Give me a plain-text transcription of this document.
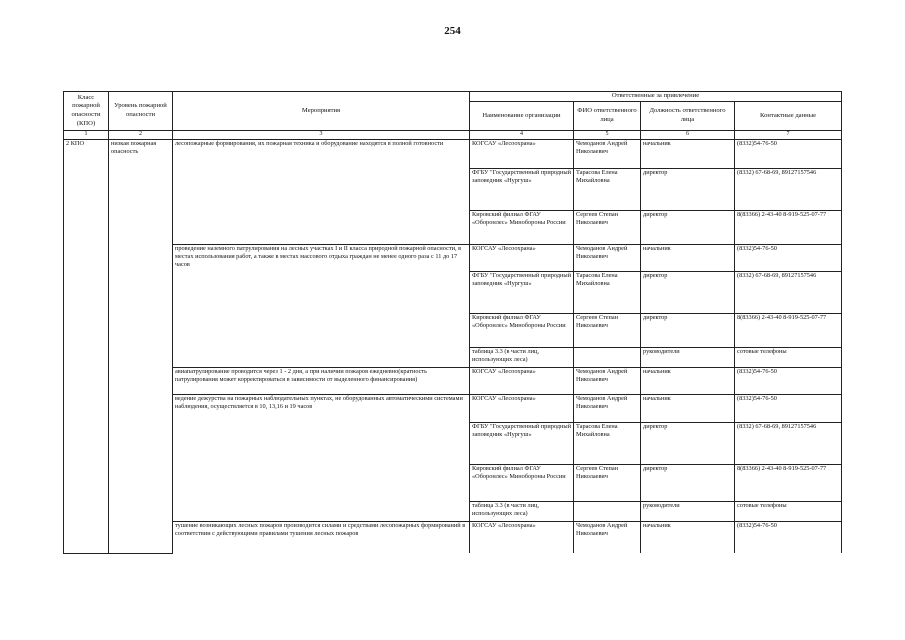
254
Класс пожарной опасности (КПО)	Уровень пожарной опасности	Мероприятия	Ответственные за привлечение			
			Наименование организации	ФИО ответственного лица	Должность ответственного лица	Контактные данные
1	2	3	4	5	6	7
2 КПО	низкая пожарная опасность	лесопожарные формирования, их пожарная техника и оборудование находятся в полной готовности	КОГСАУ «Лесоохрана»	Чемоданов Андрей Николаевич	начальник	(8332)54-76-50
			ФГБУ "Государственный природный заповедник «Нургуш»	Тарасова Елена Михайловна	директор	(8332) 67-68-69, 89127157546
			Кировский филиал ФГАУ «Оборонлес» Минобороны России	Сергеев Степан Николаевич	директор	8(83366) 2-43-40 8-919-525-07-77
		проведение наземного патрулирования на лесных участках I и II класса природной пожарной опасности, в местах использования работ, а также в местах массового отдыха граждан не менее одного раза с 11 до 17 часов	КОГСАУ «Лесоохрана»	Чемоданов Андрей Николаевич	начальник	(8332)54-76-50
			ФГБУ "Государственный природный заповедник «Нургуш»	Тарасова Елена Михайловна	директор	(8332) 67-68-69, 89127157546
			Кировский филиал ФГАУ «Оборонлес» Минобороны России	Сергеев Степан Николаевич	директор	8(83366) 2-43-40 8-919-525-07-77
			таблица 3.3 (в части лиц, использующих леса)		руководители	сотовые телефоны
		авиапатрулирование проводится через 1 - 2 дня, а при наличии пожаров ежедневно(кратность патрулирования может корректироваться в зависимости от выделенного финансирования)	КОГСАУ «Лесоохрана»	Чемоданов Андрей Николаевич	начальник	(8332)54-76-50
		ведение дежурства на пожарных наблюдательных пунктах, не оборудованных автоматическими системами наблюдения, осуществляется в 10, 13,16 и 19 часов	КОГСАУ «Лесоохрана»	Чемоданов Андрей Николаевич	начальник	(8332)54-76-50
			ФГБУ "Государственный природный заповедник «Нургуш»	Тарасова Елена Михайловна	директор	(8332) 67-68-69, 89127157546
			Кировский филиал ФГАУ «Оборонлес» Минобороны России	Сергеев Степан Николаевич	директор	8(83366) 2-43-40 8-919-525-07-77
			таблица 3.3 (в части лиц, использующих леса)		руководители	сотовые телефоны
		тушение возникающих лесных пожаров производится силами и средствами лесопожарных формирований в соответствии с действующими правилами тушения лесных пожаров	КОГСАУ «Лесоохрана»	Чемоданов Андрей Николаевич	начальник	(8332)54-76-50
